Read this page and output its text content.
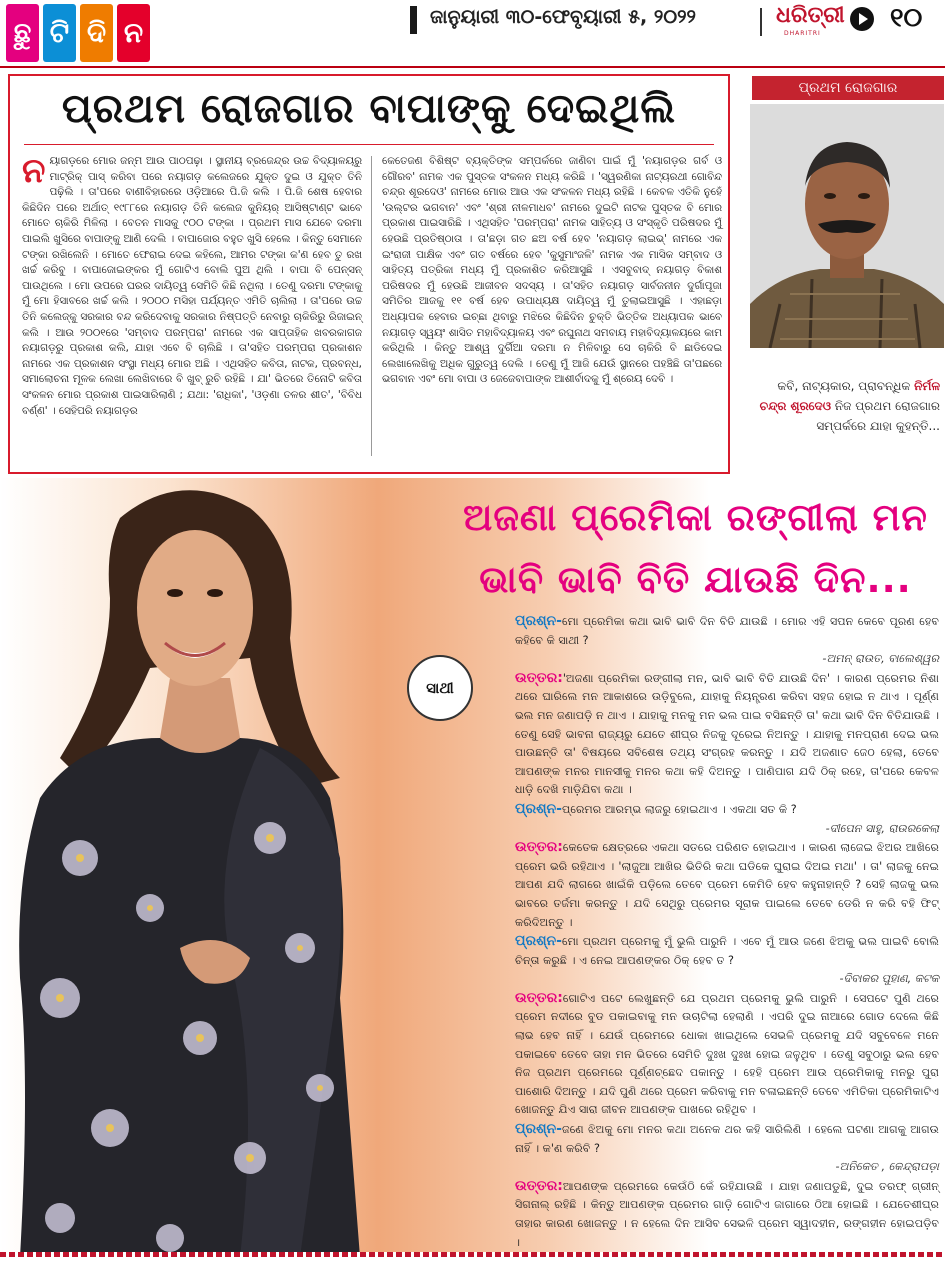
ଛୁ ଟି ଦି ନ	ଜାନୁୟାରୀ ୩୦-ଫେବୃୟାରୀ ୫, ୨୦୨୨	ଧରିତ୍ରୀ
DHARITRI
୧୦
ପ୍ରଥମ ରୋଜଗାର ବାପାଙ୍କୁ ଦେଇଥିଲି
ନ ୟାଗଡ଼ରେ ମୋର ଜନ୍ମ ଆଉ ପାଠପଢ଼ା । ସ୍ଥାନୀୟ ବ୍ରଜେନ୍ଦ୍ର ଉଚ୍ଚ ବିଦ୍ୟାଳୟରୁ ମାଟ୍ରିକ୍ ପାସ୍ କରିବା ପରେ ନୟାଗଡ଼ କଲେଜରେ ଯୁକ୍ତ ଦୁଇ ଓ ଯୁକ୍ତ ତିନି ପଢ଼ିଲି । ତା'ପରେ ବାଣୀବିହାରରେ ଓଡ଼ିଆରେ ପି.ଜି କଲି । ପି.ଜି ଶେଷ ହେବାର କିଛିଦିନ ପରେ ଅର୍ଥାତ୍ ୧୯୮୮ରେ ନୟାଗଡ଼ ତିନି କଲେଜ କୁନିୟର୍ ଆସିଷ୍ଟାଣ୍ଟ ଭାବେ ମୋତେ ଚାକିରି ମିଳିଲା । ବେତନ ମାସକୁ ୯୦୦ ଟଙ୍କା । ପ୍ରଥମ ମାସ ଯେବେ ଦରମା ପାଇଲି ଖୁସିରେ ବାପାଙ୍କୁ ଆଣି ଦେଲି । ବାପାଜୋର ବହୁତ ଖୁସି ହେଲେ । କିନ୍ତୁ ସେମାନେ ଟଙ୍କା ରଖିଲେନି । ମୋତେ ଫେରାଇ ଦେଇ କହିଲେ, ଆମର ଟଙ୍କା କ'ଣ ହେବ ତୁ ରଖ ଖର୍ଚ୍ଚ କରିବୁ । ବାପାଜୋଇଙ୍କର ମୁଁ ଗୋଟିଏ ବୋଲି ପୁଅ ଥିଲି । ବାପା ବି ପେନ୍‌ସନ୍ ପାଉଥିଲେ । ମୋ ଉପରେ ଘରର ଦାୟିତ୍ୱ ସେମିତି କିଛି ନଥିଲା । ତେଣୁ ଦରମା ଟଙ୍କାକୁ ମୁଁ ମୋ ହିସାବରେ ଖର୍ଚ୍ଚ କଲି । ୨୦୦୦ ମସିହା ପର୍ଯ୍ୟନ୍ତ ଏମିତି ଚାଲିଲା । ତା'ପରେ ଉଚ୍ଚ ତିନି କଲେଜ୍‌କୁ ସରକାର ବନ୍ଦ କରିଦେବାକୁ ସରକାର ନିଷ୍ପତ୍ତି ନେବାରୁ ଚାକିରିରୁ ରିଜାଇନ୍ କଲି । ଆଉ ୨୦୦୧ରେ 'ସମ୍ବାଦ ପରମ୍ପରା' ନାମରେ ଏକ ସାପ୍ତାହିକ ଖବରକାଗଜ ନୟାଗଡ଼ରୁ ପ୍ରକାଶ କଲି, ଯାହା ଏବେ ବି ଚାଲିଛି । ତା'ସହିତ ପରମ୍ପରା ପ୍ରକାଶନ ନାମରେ ଏକ ପ୍ରକାଶନ ସଂସ୍ଥା ମଧ୍ୟ ମୋର ଅଛି । ଏଥିସହିତ କବିତା, ନାଟକ, ପ୍ରବନ୍ଧ, ସମାଲୋଚନା ମୂଳକ ଲେଖା ଲେଖିବାରେ ବି ଖୁବ୍ ରୁଚି ରହିଛି । ଯା' ଭିତରେ ତିନୋଟି କବିତା ସଂକଳନ ମୋର ପ୍ରକାଶ ପାଇସାରିଲାଣି ; ଯଥା: 'ରାଧିକା', 'ଓଡ଼ଣା ତଳର ଶୀତ', 'ବିବିଧ ବର୍ଣ୍ଣ' । ସେହିପରି ନୟାଗଡ଼ର
କେତେଜଣ ବିଶିଷ୍ଟ ବ୍ୟକ୍ତିଙ୍କ ସମ୍ପର୍କରେ ଜାଣିବା ପାଇଁ ମୁଁ 'ନୟାଗଡ଼ର ଗର୍ବ ଓ ଗୌରବ' ନାମକ ଏକ ପୁସ୍ତକ ସଂକଳନ ମଧ୍ୟ କରିଛି । 'ସ୍ୱରଣିକା ନାଟ୍ୟରଥୀ ଗୋବିନ୍ଦ ଚନ୍ଦ୍ର ଶୂରଦେଓ' ନାମରେ ମୋର ଆଉ ଏକ ସଂକଳନ ମଧ୍ୟ ରହିଛି । କେବଳ ଏତିକି ନୁହେଁ 'ଉଲ୍ଟର ଭଗବାନ' ଏବଂ 'ଶ୍ରୀ ନୀଳମାଧବ' ନାମରେ ଦୁଇଟି ନାଟକ ପୁସ୍ତକ ବି ମୋର ପ୍ରକାଶ ପାଇସାରିଛି । ଏଥିସହିତ 'ପରମ୍ପରା' ନାମକ ସାହିତ୍ୟ ଓ ସଂସ୍କୃତି ପରିଷଦର ମୁଁ ହେଉଛି ପ୍ରତିଷ୍ଠାତା । ତା'ଛଡ଼ା ଗତ ଛଅ ବର୍ଷ ହେବ 'ନୟାଗଡ଼ ଲାଇଭ୍' ନାମରେ ଏକ ଇଂରାଜୀ ପାକ୍ଷିକ ଏବଂ ଗତ ବର୍ଷରେ ହେବ 'କୁସୁମାଂଜଳି' ନାମକ ଏକ ମାସିକ ସମ୍ବାଦ ଓ ସାହିତ୍ୟ ପତ୍ରିକା ମଧ୍ୟ ମୁଁ ପ୍ରକାଶିତ କରିଆସୁଛି । ଏସବୁବାଦ୍ ନୟାଗଡ଼ ବିକାଶ ପରିଷଦର ମୁଁ ହେଉଛି ଆଜୀବନ ସଦସ୍ୟ । ତା'ସହିତ ନୟାଗଡ଼ ସାର୍ବଜନୀନ ଦୁର୍ଗାପୂଜା ସମିତିର ଆଜକୁ ୧୧ ବର୍ଷ ହେବ ଉପାଧ୍ୟକ୍ଷ ଦାୟିତ୍ୱ ମୁଁ ତୁଲାଇଆସୁଛି । ଏହାଛଡ଼ା ଅଧ୍ୟାପକ ହେବାର ଇଚ୍ଛା ଥିବାରୁ ମଝିରେ କିଛିଦିନ ଚୁକ୍ତି ଭିତ୍ତିକ ଅଧ୍ୟାପକ ଭାବେ ନୟାଗଡ଼ ସ୍ୱୟଂ ଶାସିତ ମହାବିଦ୍ୟାଳୟ ଏବଂ ରଘୁନାଥ ସମବାୟ ମହାବିଦ୍ୟାଳୟରେ କାମ କରିଥିଲି । କିନ୍ତୁ ଆଶ୍ୱ ଦୁର୍ଗିଆ ଦରମା ନ ମିଳିବାରୁ ସେ ଚାକିରି ବି ଛାଡିଦେଇ ଲେଖାଲେଖିକୁ ଅଧିକ ଗୁରୁତ୍ୱ ଦେଲି । ତେଣୁ ମୁଁ ଆଜି ଯେଉଁ ସ୍ଥାନରେ ପହଞ୍ଚିଛି ତା'ପଛରେ ଭଗବାନ ଏବଂ ମୋ ବାପା ଓ ଜେଜେବାପାଙ୍କ ଆଶୀର୍ବାଦକୁ ମୁଁ ଶ୍ରେୟ ଦେବି ।
ପ୍ରଥମ ରୋଜଗାର
କବି, ନାଟ୍ୟକାର, ପ୍ରାବନ୍ଧିକ ନିର୍ମଳ ଚନ୍ଦ୍ର ଶୂରଦେଓ ନିଜ ପ୍ରଥମ ରୋଜଗାର ସମ୍ପର୍କରେ ଯାହା କୁହନ୍ତି...
ଅଜଣା ପ୍ରେମିକା ରଙ୍ଗୀଲା ମନ
ଭାବି ଭାବି ବିତି ଯାଉଛି ଦିନ...
ସାଥୀ

ପ୍ରଶ୍ନ-ମୋ ପ୍ରେମିକା କଥା ଭାବି ଭାବି ଦିନ ବିତି ଯାଉଛି । ମୋର ଏହି ସପନ କେବେ ପୂରଣ ହେବ କହିବେ କି ସାଥୀ ?

-ଅମନ୍ ରାଉତ, ବାଲେଶ୍ୱର

ଉତ୍ତର:'ଅଜଣା ପ୍ରେମିକା ରଙ୍ଗୀଲା ମନ, ଭାବି ଭାବି ବିତି ଯାଉଛି ଦିନ' । କାରଣ ପ୍ରେମର ନିଶା ଥରେ ଘାରିଲେ ମନ ଆକାଶରେ ଉଡ଼ିବୁଲେ, ଯାହାକୁ ନିୟନ୍ତ୍ରଣ କରିବା ସହଜ ହୋଇ ନ ଥାଏ । ପୂର୍ଣ୍ଣ ଭଲ ମନ ଜଣାପଡ଼ି ନ ଥାଏ । ଯାହାକୁ ମନକୁ ମନ ଭଲ ପାଇ ବସିଛନ୍ତି ତା' କଥା ଭାବି ଦିନ ବିତିଯାଉଛି । ତେଣୁ ସେହି ଭାବନା ରାଜ୍ୟରୁ ଯେତେ ଶୀଘ୍ର ନିଜକୁ ଦୂରେଇ ନିଅନ୍ତୁ । ଯାହାକୁ ମନପ୍ରାଣ ଦେଇ ଭଲ ପାଉଛନ୍ତି ତା' ବିଷୟରେ ସବିଶେଷ ତଥ୍ୟ ସଂଗ୍ରହ କରନ୍ତୁ । ଯଦି ଅଜଣାତ ଜେଠ ହେଲା, ତେବେ ଆପଣଙ୍କ ମନର ମାନସୀକୁ ମନର କଥା କହି ଦିଅନ୍ତୁ । ପାଣିପାଗ ଯଦି ଠିକ୍ ରହେ, ତା'ପରେ କେବଳ ଧାଡ଼ି ଦେଖି ମାଡ଼ିଯିବା କଥା ।

ପ୍ରଶ୍ନ-ପ୍ରେମର ଆରମ୍ଭ ଲାଜରୁ ହୋଇଥାଏ । ଏକଥା ସତ କି ?

-ଦୀପେନ ସାହୁ, ରାଉରକେଲା

ଉତ୍ତର:କେତେକ କ୍ଷେତ୍ରରେ ଏକଥା ସତରେ ପରିଣତ ହୋଇଥାଏ । କାରଣ ଲାଜେଇ ଝିଅର ଆଖିରେ ପ୍ରେମ ଭରି ରହିଥାଏ । 'ଲାଜୁଆ ଆଖିର ଭିତିରି କଥା ଘଡିକେ ଘୁରାଇ ଦିଅଇ ମଥା' । ତା' ଲାଜକୁ ନେଇ ଆପଣ ଯଦି ଲାଗରେ ଖାଇଁକି ପଡ଼ିଲେ ତେବେ ପ୍ରେମ କେମିତି ହେବ କହୁନାହାନ୍ତି ? ସେହି ଲାଜକୁ ଭଲ ଭାବରେ ତର୍ଜମା କରନ୍ତୁ । ଯଦି ସେଥିରୁ ପ୍ରେମର ସୂରାକ ପାଇଲେ ତେବେ ଡେରି ନ କରି ବହି ଫିଟ୍ କରିଦିଅନ୍ତୁ ।

ପ୍ରଶ୍ନ-ମୋ ପ୍ରଥମ ପ୍ରେମକୁ ମୁଁ ଭୁଲି ପାରୁନି । ଏବେ ମୁଁ ଆଉ ଜଣେ ଝିଅକୁ ଭଲ ପାଇବି ବୋଲି ଚିନ୍ତା କରୁଛି । ଏ ନେଇ ଆପଣଙ୍କର ଠିକ୍ ହେବ ତ ?

-ଦିବାକର ପୁହାଣ, କଟକ

ଉତ୍ତର:ଗୋଟିଏ ପଟେ ଲେଖୁଛନ୍ତି ଯେ ପ୍ରଥମ ପ୍ରେମକୁ ଭୁଲି ପାରୁନି । ସେପଟେ ପୁଣି ଥରେ ପ୍ରେମ ନଦୀରେ ବୁଡ ପକାଇବାକୁ ମନ ଉଚାଟିଲା ହେଲାଣି । ଏପରି ଦୁଇ ନାଆରେ ଗୋଡ ଦେଲେ କିଛି ଲାଭ ହେବ ନାହିଁ । ଯେଉଁ ପ୍ରେମରେ ଧୋକା ଖାଇଥିଲେ ସେଭଳି ପ୍ରେମକୁ ଯଦି ସବୁବେଳେ ମନେ ପକାଇବେ ତେବେ ତାହା ମନ ଭିତରେ ସେମିତି ଦୁଃଖ ଦୁଃଖ ହୋଇ ଜଳୁଥିବ । ତେଣୁ ସବୁଠାରୁ ଭଲ ହେବ ନିଜ ପ୍ରଥମ ପ୍ରେମରେ ପୂର୍ଣ୍ଣଚ୍ଛେଦ ପକାନ୍ତୁ । ହେହି ପ୍ରେମ ଆଉ ପ୍ରେମିକାକୁ ମନରୁ ପୁରା ପାଶୋରି ଦିଅନ୍ତୁ । ଯଦି ପୁଣି ଥରେ ପ୍ରେମ କରିବାକୁ ମନ ବଳାଇଛନ୍ତି ତେବେ ଏମିତିକା ପ୍ରେମିକାଟିଏ ଖୋଜନ୍ତୁ ଯିଏ ସାରା ଜୀବନ ଆପଣଙ୍କ ପାଖରେ ରହିଥିବ ।

ପ୍ରଶ୍ନ-ଜଣେ ଝିଅକୁ ମୋ ମନର କଥା ଅନେକ ଥର କହି ସାରିଲିଣି । ହେଲେ ଘଟଣା ଆଗକୁ ଆଗଉ ନାହିଁ । କ'ଣ କରିବି ?

-ଅନିକେତ , କେନ୍ଦ୍ରାପଡ଼ା

ଉତ୍ତର:ଆପଣଙ୍କ ପ୍ରେମରେ କେଉଁଠି କେଁ ରହିଯାଉଛି । ଯାହା ଜଣାପଡୁଛି, ଦୁଇ ତରଫ୍ ଗ୍ରୀନ୍ ସିଗନାଲ୍ ରହିଛି । କିନ୍ତୁ ଆପଣଙ୍କ ପ୍ରେମର ଗାଡ଼ି ଗୋଟିଏ ଜାଗାରେ ଠିଆ ହୋଇଛି । ଯେତେଶୀଘ୍ର ତାହାର କାରଣ ଖୋଜନ୍ତୁ । ନ ହେଲେ ଦିନ ଆସିବ ସେଭଳି ପ୍ରେମ ସ୍ୱାଦହୀନ, ରଙ୍ଗହୀନ ହୋଇପଡ଼ିବ ।
